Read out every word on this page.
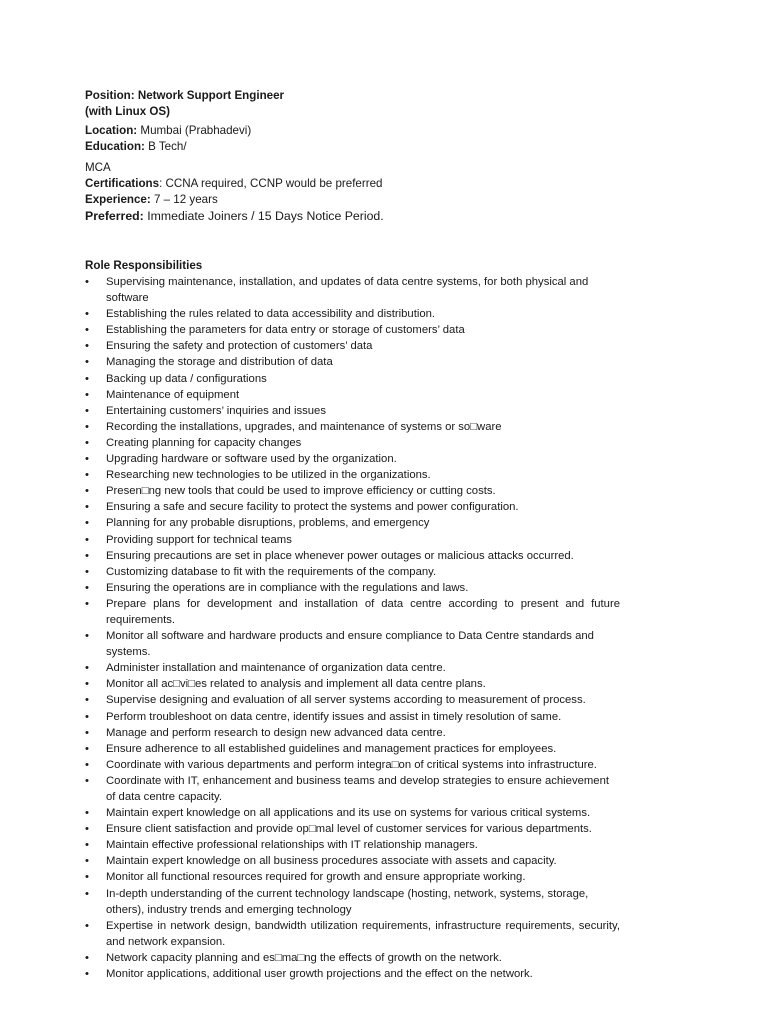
Position: Network Support Engineer
(with Linux OS)
Location: Mumbai (Prabhadevi)
Education: B Tech/
MCA
Certifications: CCNA required, CCNP would be preferred
Experience: 7 – 12 years
Preferred: Immediate Joiners / 15 Days Notice Period.
Role Responsibilities
• Supervising maintenance, installation, and updates of data centre systems, for both physical and software
• Establishing the rules related to data accessibility and distribution.
• Establishing the parameters for data entry or storage of customers’ data
• Ensuring the safety and protection of customers’ data
• Managing the storage and distribution of data
• Backing up data / configurations
• Maintenance of equipment
• Entertaining customers’ inquiries and issues
• Recording the installations, upgrades, and maintenance of systems or so□ware
• Creating planning for capacity changes
• Upgrading hardware or software used by the organization.
• Researching new technologies to be utilized in the organizations.
• Presen□ng new tools that could be used to improve efficiency or cutting costs.
• Ensuring a safe and secure facility to protect the systems and power configuration.
• Planning for any probable disruptions, problems, and emergency
• Providing support for technical teams
• Ensuring precautions are set in place whenever power outages or malicious attacks occurred.
• Customizing database to fit with the requirements of the company.
• Ensuring the operations are in compliance with the regulations and laws.
• Prepare plans for development and installation of data centre according to present and future requirements.
• Monitor all software and hardware products and ensure compliance to Data Centre standards and systems.
• Administer installation and maintenance of organization data centre.
• Monitor all ac□vi□es related to analysis and implement all data centre plans.
• Supervise designing and evaluation of all server systems according to measurement of process.
• Perform troubleshoot on data centre, identify issues and assist in timely resolution of same.
• Manage and perform research to design new advanced data centre.
• Ensure adherence to all established guidelines and management practices for employees.
• Coordinate with various departments and perform integra□on of critical systems into infrastructure.
• Coordinate with IT, enhancement and business teams and develop strategies to ensure achievement of data centre capacity.
• Maintain expert knowledge on all applications and its use on systems for various critical systems.
• Ensure client satisfaction and provide op□mal level of customer services for various departments.
• Maintain effective professional relationships with IT relationship managers.
• Maintain expert knowledge on all business procedures associate with assets and capacity.
• Monitor all functional resources required for growth and ensure appropriate working.
• In-depth understanding of the current technology landscape (hosting, network, systems, storage, others), industry trends and emerging technology
• Expertise in network design, bandwidth utilization requirements, infrastructure requirements, security, and network expansion.
• Network capacity planning and es□ma□ng the effects of growth on the network.
• Monitor applications, additional user growth projections and the effect on the network.
